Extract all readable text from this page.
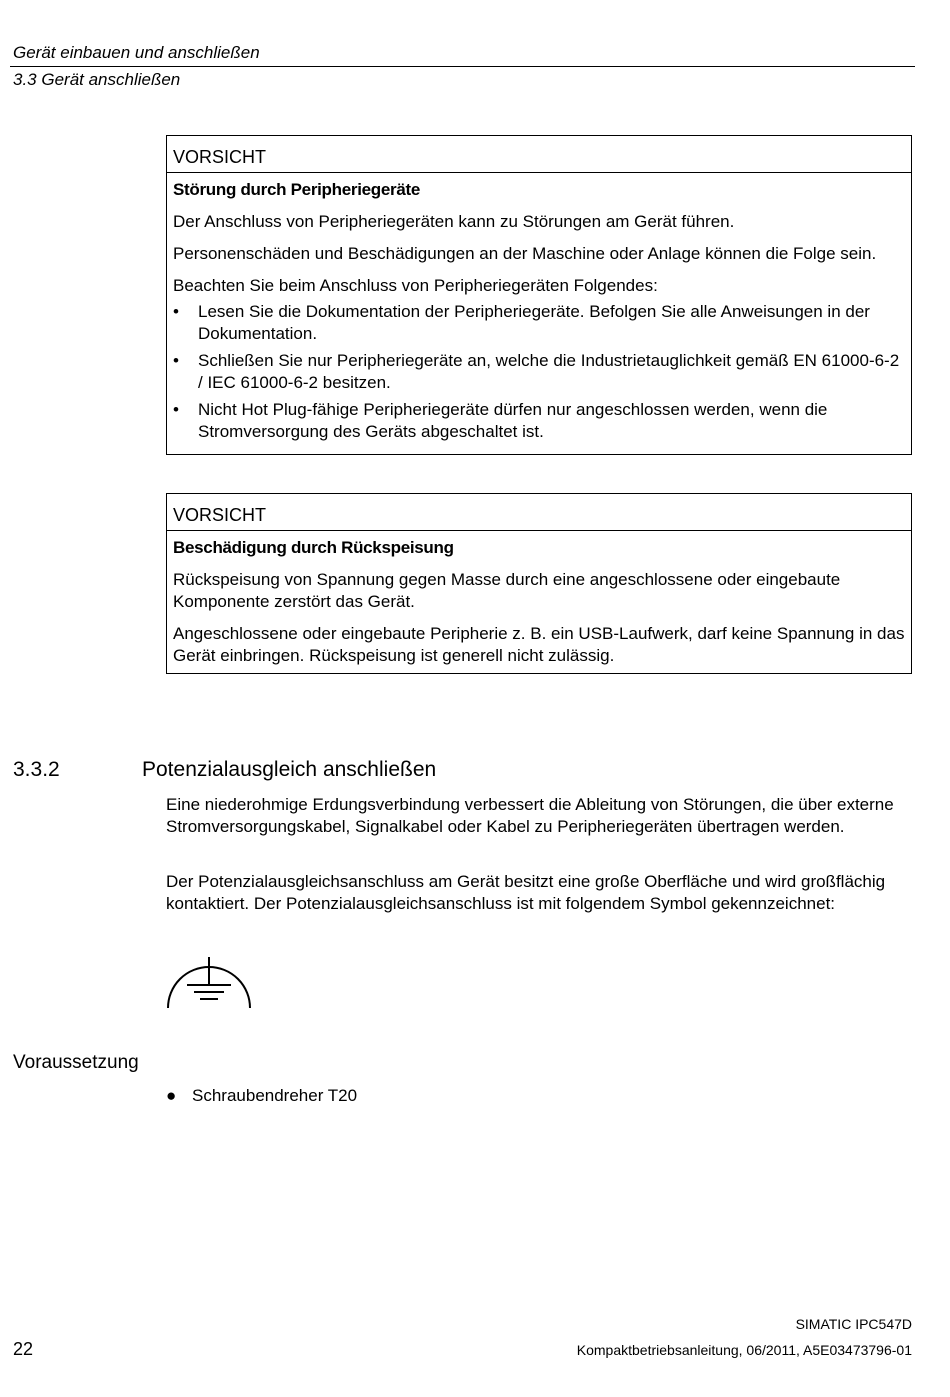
Gerät einbauen und anschließen
3.3 Gerät anschließen
VORSICHT
Störung durch Peripheriegeräte

Der Anschluss von Peripheriegeräten kann zu Störungen am Gerät führen.

Personenschäden und Beschädigungen an der Maschine oder Anlage können die Folge sein.

Beachten Sie beim Anschluss von Peripheriegeräten Folgendes:

• Lesen Sie die Dokumentation der Peripheriegeräte. Befolgen Sie alle Anweisungen in der Dokumentation.
• Schließen Sie nur Peripheriegeräte an, welche die Industrietauglichkeit gemäß EN 61000-6-2 / IEC 61000-6-2 besitzen.
• Nicht Hot Plug-fähige Peripheriegeräte dürfen nur angeschlossen werden, wenn die Stromversorgung des Geräts abgeschaltet ist.
VORSICHT
Beschädigung durch Rückspeisung

Rückspeisung von Spannung gegen Masse durch eine angeschlossene oder eingebaute Komponente zerstört das Gerät.

Angeschlossene oder eingebaute Peripherie z. B. ein USB-Laufwerk, darf keine Spannung in das Gerät einbringen. Rückspeisung ist generell nicht zulässig.

3.3.2	Potenzialausgleich anschließen
Eine niederohmige Erdungsverbindung verbessert die Ableitung von Störungen, die über externe Stromversorgungskabel, Signalkabel oder Kabel zu Peripheriegeräten übertragen werden.
Der Potenzialausgleichsanschluss am Gerät besitzt eine große Oberfläche und wird großflächig kontaktiert. Der Potenzialausgleichsanschluss ist mit folgendem Symbol gekennzeichnet:
Voraussetzung
● Schraubendreher T20
SIMATIC IPC547D
22	Kompaktbetriebsanleitung, 06/2011, A5E03473796-01
